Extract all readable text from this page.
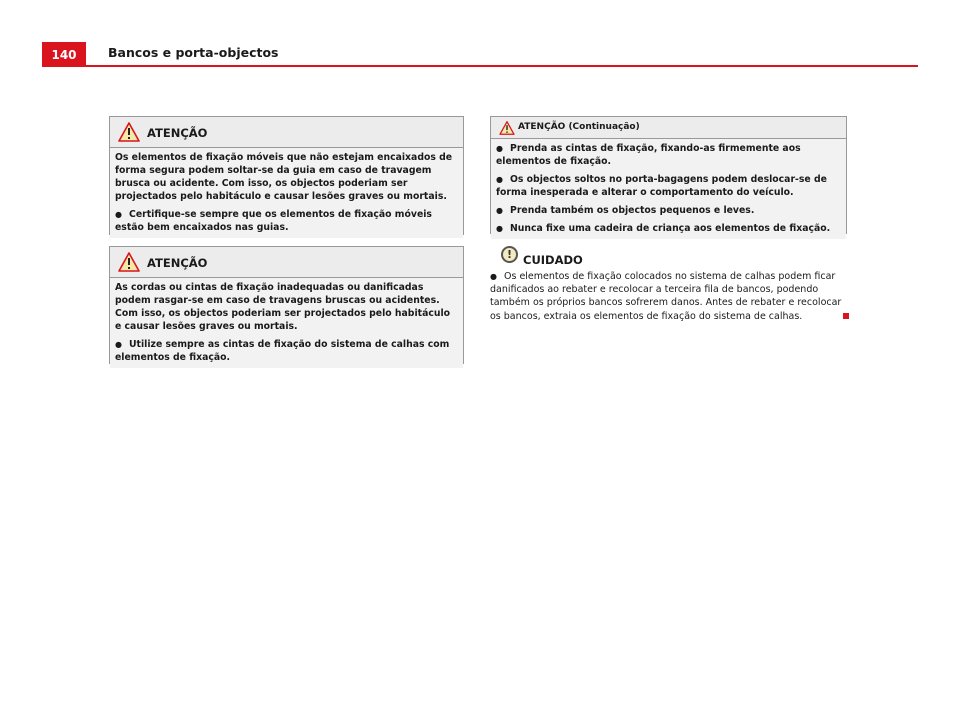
140	Bancos e porta-objectos
ATENÇÃO

Os elementos de fixação móveis que não estejam encaixados de forma segura podem soltar-se da guia em caso de travagem brusca ou acidente. Com isso, os objectos poderiam ser projectados pelo habitáculo e causar lesões graves ou mortais.

● Certifique-se sempre que os elementos de fixação móveis estão bem encaixados nas guias.

ATENÇÃO

As cordas ou cintas de fixação inadequadas ou danificadas podem rasgar-se em caso de travagens bruscas ou acidentes. Com isso, os objectos poderiam ser projectados pelo habitáculo e causar lesões graves ou mortais.

● Utilize sempre as cintas de fixação do sistema de calhas com elementos de fixação.

ATENÇÃO (Continuação)

● Prenda as cintas de fixação, fixando-as firmemente aos elementos de fixação.

● Os objectos soltos no porta-bagagens podem deslocar-se de forma inesperada e alterar o comportamento do veículo.

● Prenda também os objectos pequenos e leves.

● Nunca fixe uma cadeira de criança aos elementos de fixação.

! CUIDADO
● Os elementos de fixação colocados no sistema de calhas podem ficar danificados ao rebater e recolocar a terceira fila de bancos, podendo também os próprios bancos sofrerem danos. Antes de rebater e recolocar os bancos, extraia os elementos de fixação do sistema de calhas.
